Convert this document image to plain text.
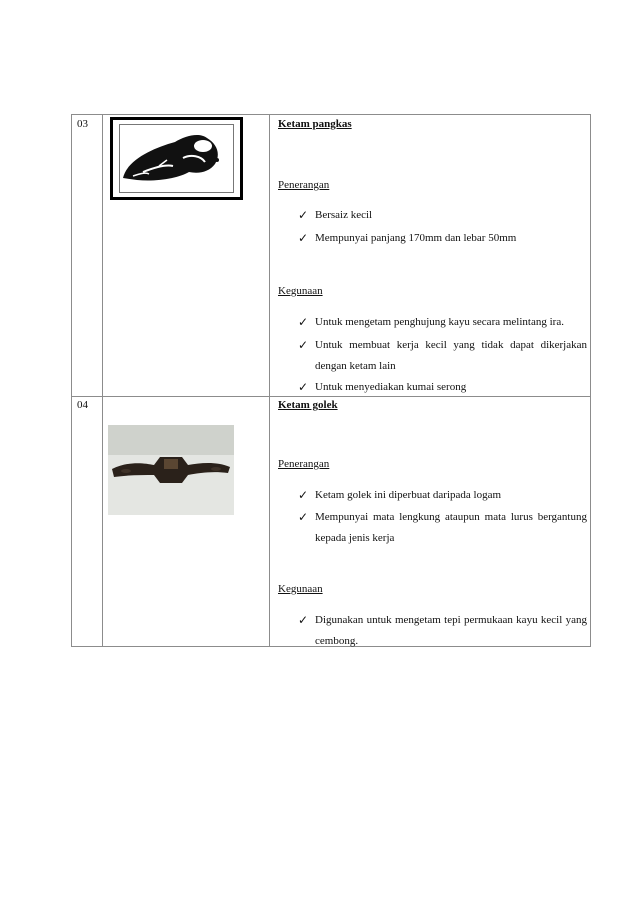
03	Ketam pangkas
Penerangan
✓ Bersaiz kecil
✓ Mempunyai panjang 170mm dan lebar 50mm
Kegunaan
✓ Untuk mengetam penghujung kayu secara melintang ira.
✓ Untuk membuat kerja kecil yang tidak dapat dikerjakan dengan ketam lain
✓ Untuk menyediakan kumai serong
04	Ketam golek
Penerangan
✓ Ketam golek ini diperbuat daripada logam
✓ Mempunyai mata lengkung ataupun mata lurus bergantung kepada jenis kerja
Kegunaan
✓ Digunakan untuk mengetam tepi permukaan kayu kecil yang cembong.
